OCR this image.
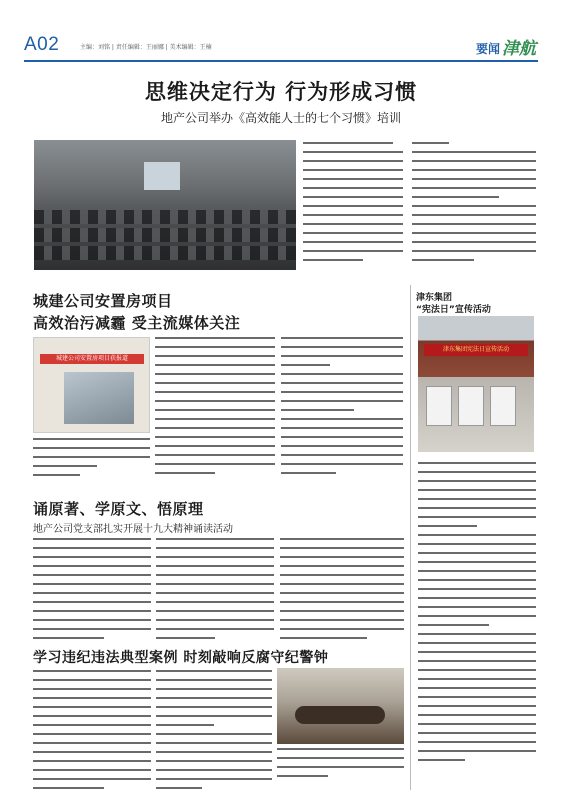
A02	主编：刘铭 | 责任编辑：王丽娜 | 美术编辑：王楠	要闻 津航
思维决定行为 行为形成习惯
地产公司举办《高效能人士的七个习惯》培训
城建公司安置房项目
高效治污减霾 受主流媒体关注
城建公司安置房项目获报道
诵原著、学原文、悟原理
地产公司党支部扎实开展十九大精神诵读活动
学习违纪违法典型案例 时刻敲响反腐守纪警钟
津东集团
“宪法日”宣传活动
津东集团宪法日宣传活动
